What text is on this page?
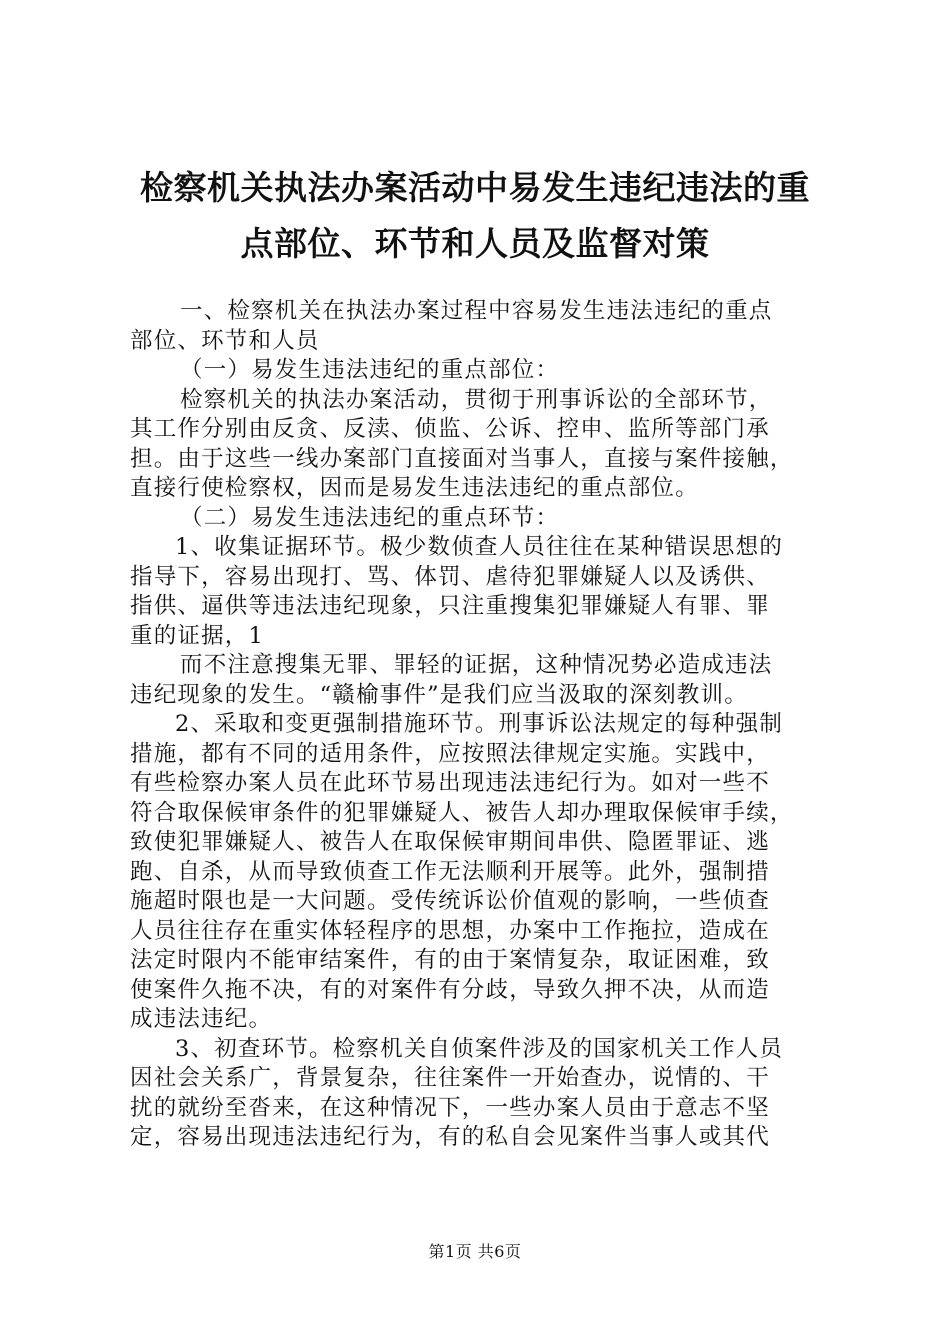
检察机关执法办案活动中易发生违纪违法的重
点部位、环节和人员及监督对策
一、检察机关在执法办案过程中容易发生违法违纪的重点
部位、环节和人员
（一）易发生违法违纪的重点部位：
检察机关的执法办案活动，贯彻于刑事诉讼的全部环节，
其工作分别由反贪、反渎、侦监、公诉、控申、监所等部门承
担。由于这些一线办案部门直接面对当事人，直接与案件接触，
直接行使检察权，因而是易发生违法违纪的重点部位。
（二）易发生违法违纪的重点环节：
1、收集证据环节。极少数侦查人员往往在某种错误思想的
指导下，容易出现打、骂、体罚、虐待犯罪嫌疑人以及诱供、
指供、逼供等违法违纪现象，只注重搜集犯罪嫌疑人有罪、罪
重的证据，1
而不注意搜集无罪、罪轻的证据，这种情况势必造成违法
违纪现象的发生。“赣榆事件”是我们应当汲取的深刻教训。
2、采取和变更强制措施环节。刑事诉讼法规定的每种强制
措施，都有不同的适用条件，应按照法律规定实施。实践中，
有些检察办案人员在此环节易出现违法违纪行为。如对一些不
符合取保候审条件的犯罪嫌疑人、被告人却办理取保候审手续，
致使犯罪嫌疑人、被告人在取保候审期间串供、隐匿罪证、逃
跑、自杀，从而导致侦查工作无法顺利开展等。此外，强制措
施超时限也是一大问题。受传统诉讼价值观的影响，一些侦查
人员往往存在重实体轻程序的思想，办案中工作拖拉，造成在
法定时限内不能审结案件，有的由于案情复杂，取证困难，致
使案件久拖不决，有的对案件有分歧，导致久押不决，从而造
成违法违纪。
3、初查环节。检察机关自侦案件涉及的国家机关工作人员
因社会关系广，背景复杂，往往案件一开始查办，说情的、干
扰的就纷至沓来，在这种情况下，一些办案人员由于意志不坚
定，容易出现违法违纪行为，有的私自会见案件当事人或其代
第1页 共6页
